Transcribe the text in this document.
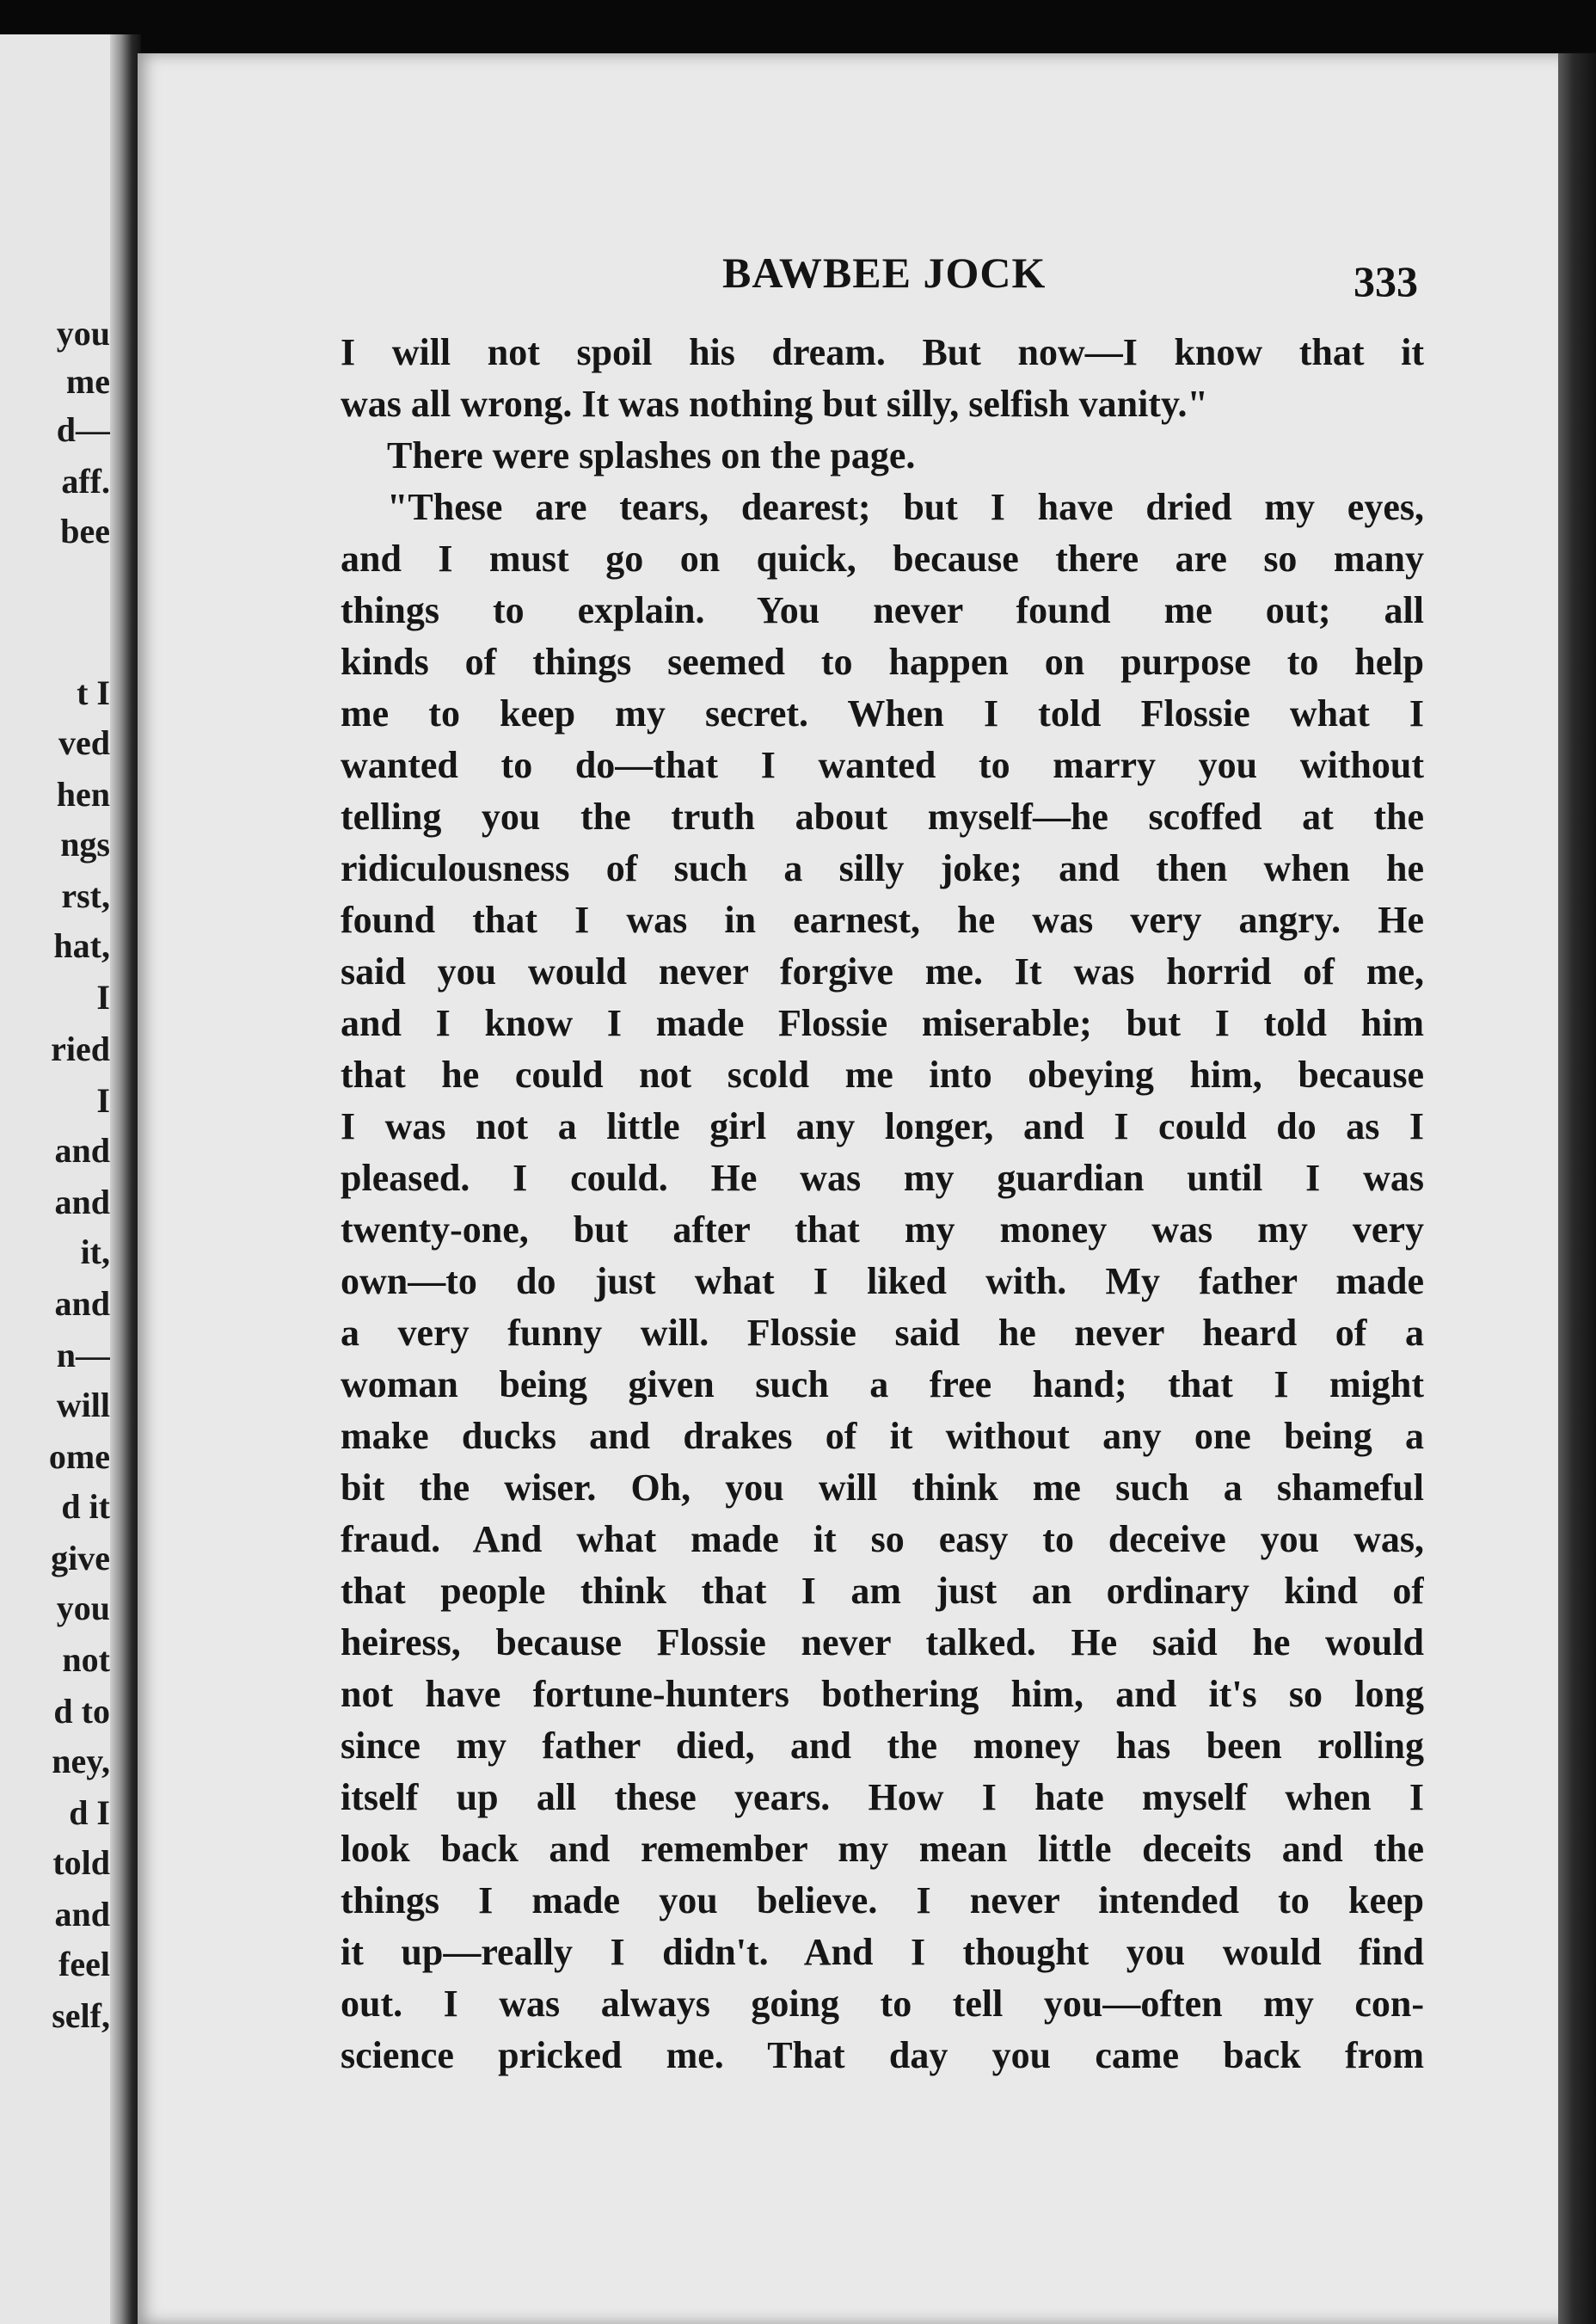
you
me
d—
aff.
bee
t I
ved
hen
ngs
rst,
hat,
I
ried
I
and
and
it,
and
n—
will
ome
d it
give
you
not
d to
ney,
d I
told
and
feel
self,
BAWBEE JOCK	333
I will not spoil his dream. But now—I know that it
was all wrong. It was nothing but silly, selfish vanity."
There were splashes on the page.
"These are tears, dearest; but I have dried my eyes,
and I must go on quick, because there are so many
things to explain. You never found me out; all
kinds of things seemed to happen on purpose to help
me to keep my secret. When I told Flossie what I
wanted to do—that I wanted to marry you without
telling you the truth about myself—he scoffed at the
ridiculousness of such a silly joke; and then when he
found that I was in earnest, he was very angry. He
said you would never forgive me. It was horrid of me,
and I know I made Flossie miserable; but I told him
that he could not scold me into obeying him, because
I was not a little girl any longer, and I could do as I
pleased. I could. He was my guardian until I was
twenty-one, but after that my money was my very
own—to do just what I liked with. My father made
a very funny will. Flossie said he never heard of a
woman being given such a free hand; that I might
make ducks and drakes of it without any one being a
bit the wiser. Oh, you will think me such a shameful
fraud. And what made it so easy to deceive you was,
that people think that I am just an ordinary kind of
heiress, because Flossie never talked. He said he would
not have fortune-hunters bothering him, and it's so long
since my father died, and the money has been rolling
itself up all these years. How I hate myself when I
look back and remember my mean little deceits and the
things I made you believe. I never intended to keep
it up—really I didn't. And I thought you would find
out. I was always going to tell you—often my con-
science pricked me. That day you came back from
